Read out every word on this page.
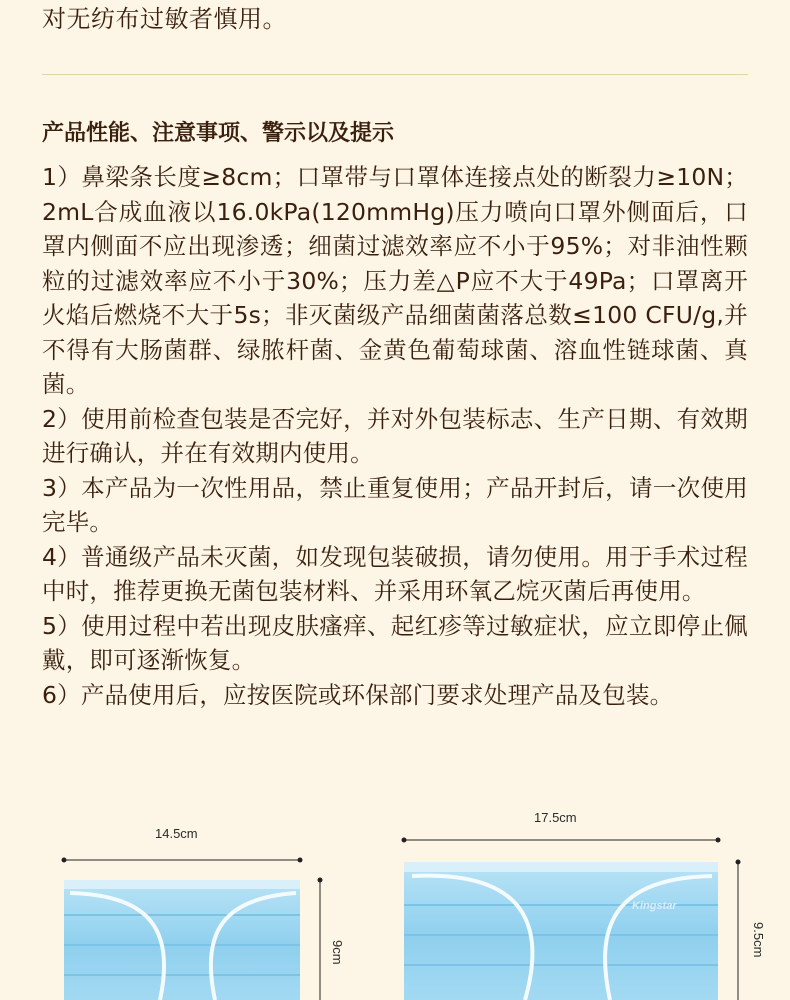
对无纺布过敏者慎用。
产品性能、注意事项、警示以及提示

1）鼻梁条长度≥8cm；口罩带与口罩体连接点处的断裂力≥10N；2mL合成血液以16.0kPa(120mmHg)压力喷向口罩外侧面后，口罩内侧面不应出现渗透；细菌过滤效率应不小于95%；对非油性颗粒的过滤效率应不小于30%；压力差△P应不大于49Pa；口罩离开火焰后燃烧不大于5s；非灭菌级产品细菌菌落总数≤100 CFU/g,并不得有大肠菌群、绿脓杆菌、金黄色葡萄球菌、溶血性链球菌、真菌。

2）使用前检查包装是否完好，并对外包装标志、生产日期、有效期进行确认，并在有效期内使用。

3）本产品为一次性用品，禁止重复使用；产品开封后，请一次使用完毕。

4）普通级产品未灭菌，如发现包装破损，请勿使用。用于手术过程中时，推荐更换无菌包装材料、并采用环氧乙烷灭菌后再使用。

5）使用过程中若出现皮肤瘙痒、起红疹等过敏症状，应立即停止佩戴，即可逐渐恢复。

6）产品使用后，应按医院或环保部门要求处理产品及包装。

14.5cm
9cm
17.5cm
9.5cm
Kingstar
